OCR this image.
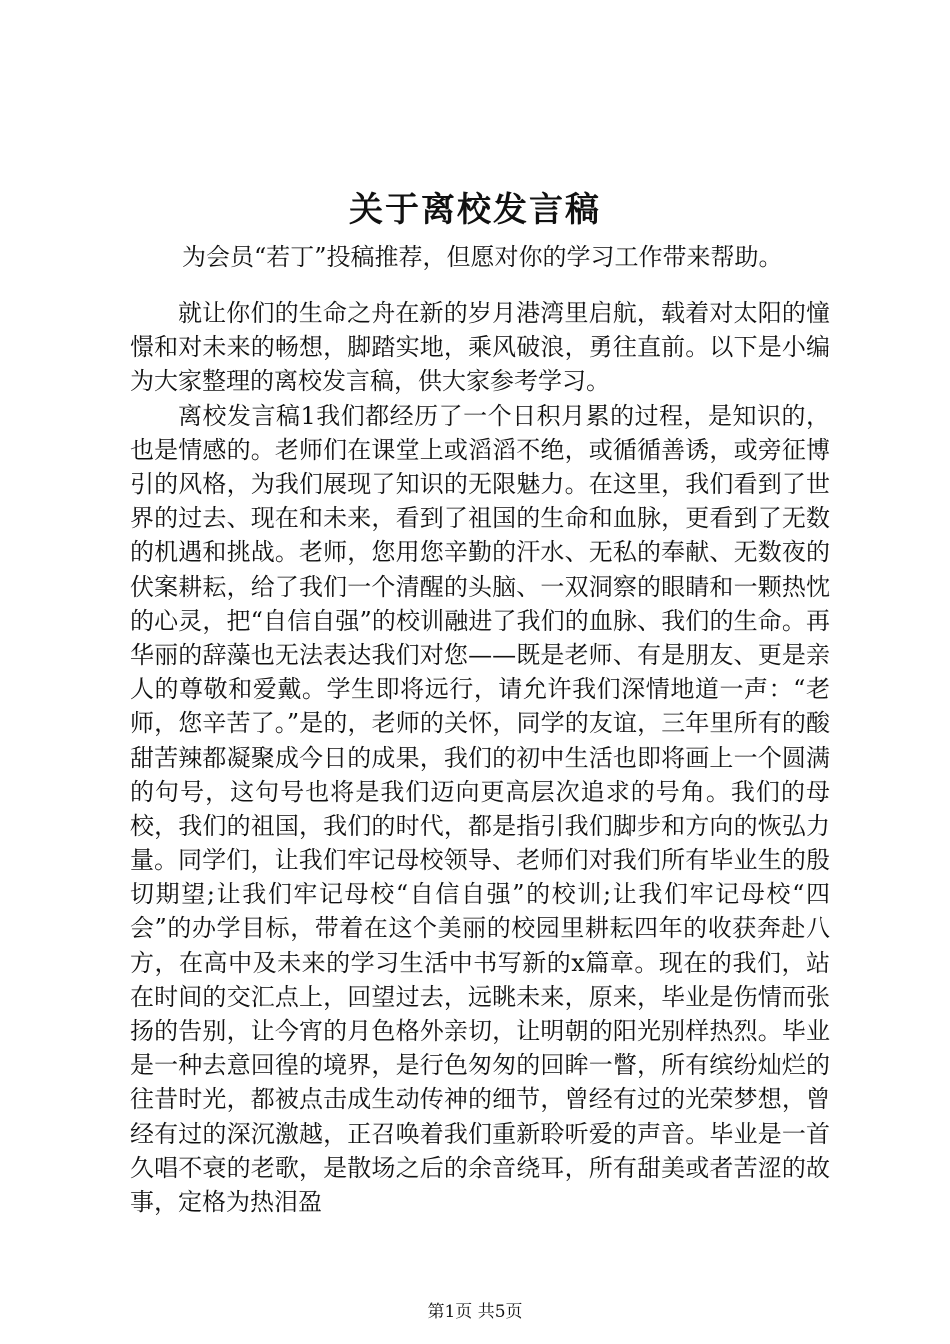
关于离校发言稿

为会员“若丁”投稿推荐，但愿对你的学习工作带来帮助。

就让你们的生命之舟在新的岁月港湾里启航，载着对太阳的憧憬和对未来的畅想，脚踏实地，乘风破浪，勇往直前。以下是小编为大家整理的离校发言稿，供大家参考学习。

离校发言稿1我们都经历了一个日积月累的过程，是知识的，也是情感的。老师们在课堂上或滔滔不绝，或循循善诱，或旁征博引的风格，为我们展现了知识的无限魅力。在这里，我们看到了世界的过去、现在和未来，看到了祖国的生命和血脉，更看到了无数的机遇和挑战。老师，您用您辛勤的汗水、无私的奉献、无数夜的伏案耕耘，给了我们一个清醒的头脑、一双洞察的眼睛和一颗热忱的心灵，把“自信自强”的校训融进了我们的血脉、我们的生命。再华丽的辞藻也无法表达我们对您——既是老师、有是朋友、更是亲人的尊敬和爱戴。学生即将远行，请允许我们深情地道一声：“老师，您辛苦了。”是的，老师的关怀，同学的友谊，三年里所有的酸甜苦辣都凝聚成今日的成果，我们的初中生活也即将画上一个圆满的句号，这句号也将是我们迈向更高层次追求的号角。我们的母校，我们的祖国，我们的时代，都是指引我们脚步和方向的恢弘力量。 同学们，让我们牢记母校领导、老师们对我们所有毕业生的殷切期望;让我们牢记母校“自信自强”的校训;让我们牢记母校“四会”的办学目标，带着在这个美丽的校园里耕耘四年的收获奔赴八方，在高中及未来的学习生活中书写新的x篇章。现在的我们，站在时间的交汇点上，回望过去，远眺未来，原来，毕业是伤情而张扬的告别，让今宵的月色格外亲切，让明朝的阳光别样热烈。毕业是一种去意回徨的境界，是行色匆匆的回眸一瞥，所有缤纷灿烂的往昔时光，都被点击成生动传神的细节，曾经有过的光荣梦想，曾经有过的深沉激越，正召唤着我们重新聆听爱的声音。毕业是一首久唱不衰的老歌，是散场之后的余音绕耳，所有甜美或者苦涩的故事，定格为热泪盈

第1页 共5页
